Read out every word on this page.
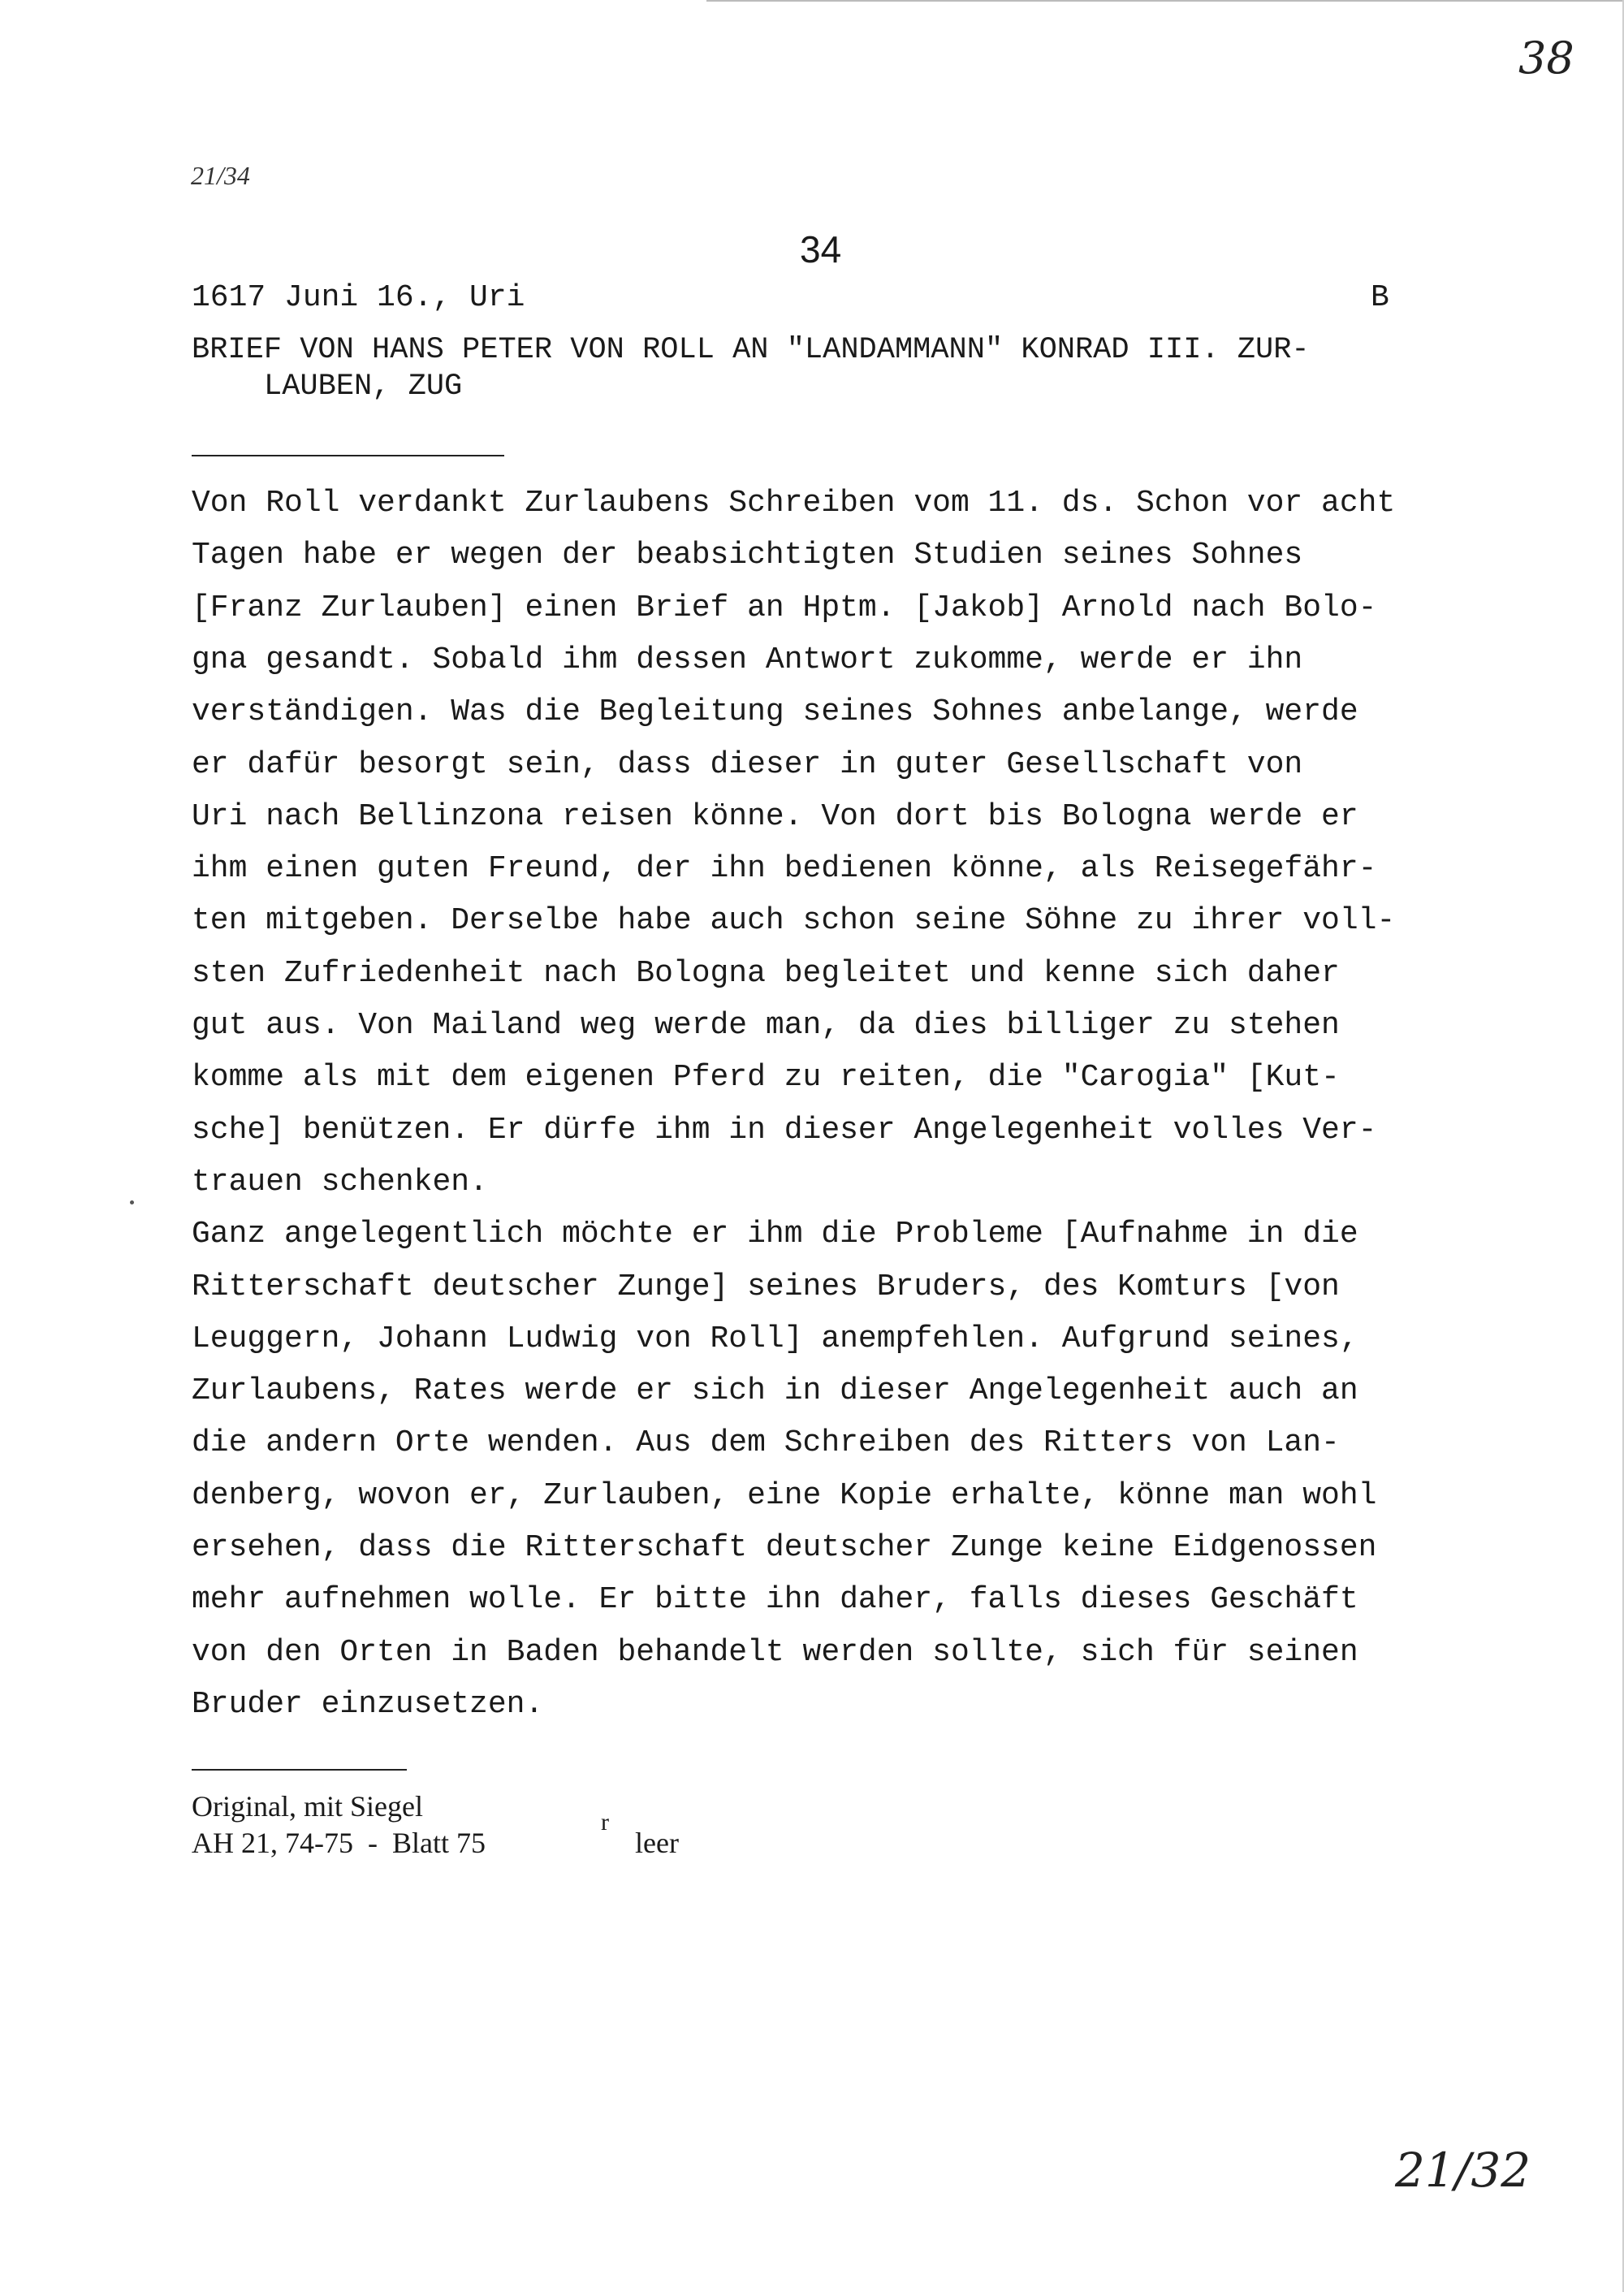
38
21/34
34
1617 Juni 16., Uri	B
BRIEF VON HANS PETER VON ROLL AN "LANDAMMANN" KONRAD III. ZUR-
LAUBEN, ZUG
Von Roll verdankt Zurlaubens Schreiben vom 11. ds. Schon vor acht
Tagen habe er wegen der beabsichtigten Studien seines Sohnes
[Franz Zurlauben] einen Brief an Hptm. [Jakob] Arnold nach Bolo-
gna gesandt. Sobald ihm dessen Antwort zukomme, werde er ihn
verständigen. Was die Begleitung seines Sohnes anbelange, werde
er dafür besorgt sein, dass dieser in guter Gesellschaft von
Uri nach Bellinzona reisen könne. Von dort bis Bologna werde er
ihm einen guten Freund, der ihn bedienen könne, als Reisegefähr-
ten mitgeben. Derselbe habe auch schon seine Söhne zu ihrer voll-
sten Zufriedenheit nach Bologna begleitet und kenne sich daher
gut aus. Von Mailand weg werde man, da dies billiger zu stehen
komme als mit dem eigenen Pferd zu reiten, die "Carogia" [Kut-
sche] benützen. Er dürfe ihm in dieser Angelegenheit volles Ver-
trauen schenken.
Ganz angelegentlich möchte er ihm die Probleme [Aufnahme in die
Ritterschaft deutscher Zunge] seines Bruders, des Komturs [von
Leuggern, Johann Ludwig von Roll] anempfehlen. Aufgrund seines,
Zurlaubens, Rates werde er sich in dieser Angelegenheit auch an
die andern Orte wenden. Aus dem Schreiben des Ritters von Lan-
denberg, wovon er, Zurlauben, eine Kopie erhalte, könne man wohl
ersehen, dass die Ritterschaft deutscher Zunge keine Eidgenossen
mehr aufnehmen wolle. Er bitte ihn daher, falls dieses Geschäft
von den Orten in Baden behandelt werden sollte, sich für seinen
Bruder einzusetzen.
Original, mit Siegel
AH 21, 74-75  -  Blatt 75
r
leer
21/32
